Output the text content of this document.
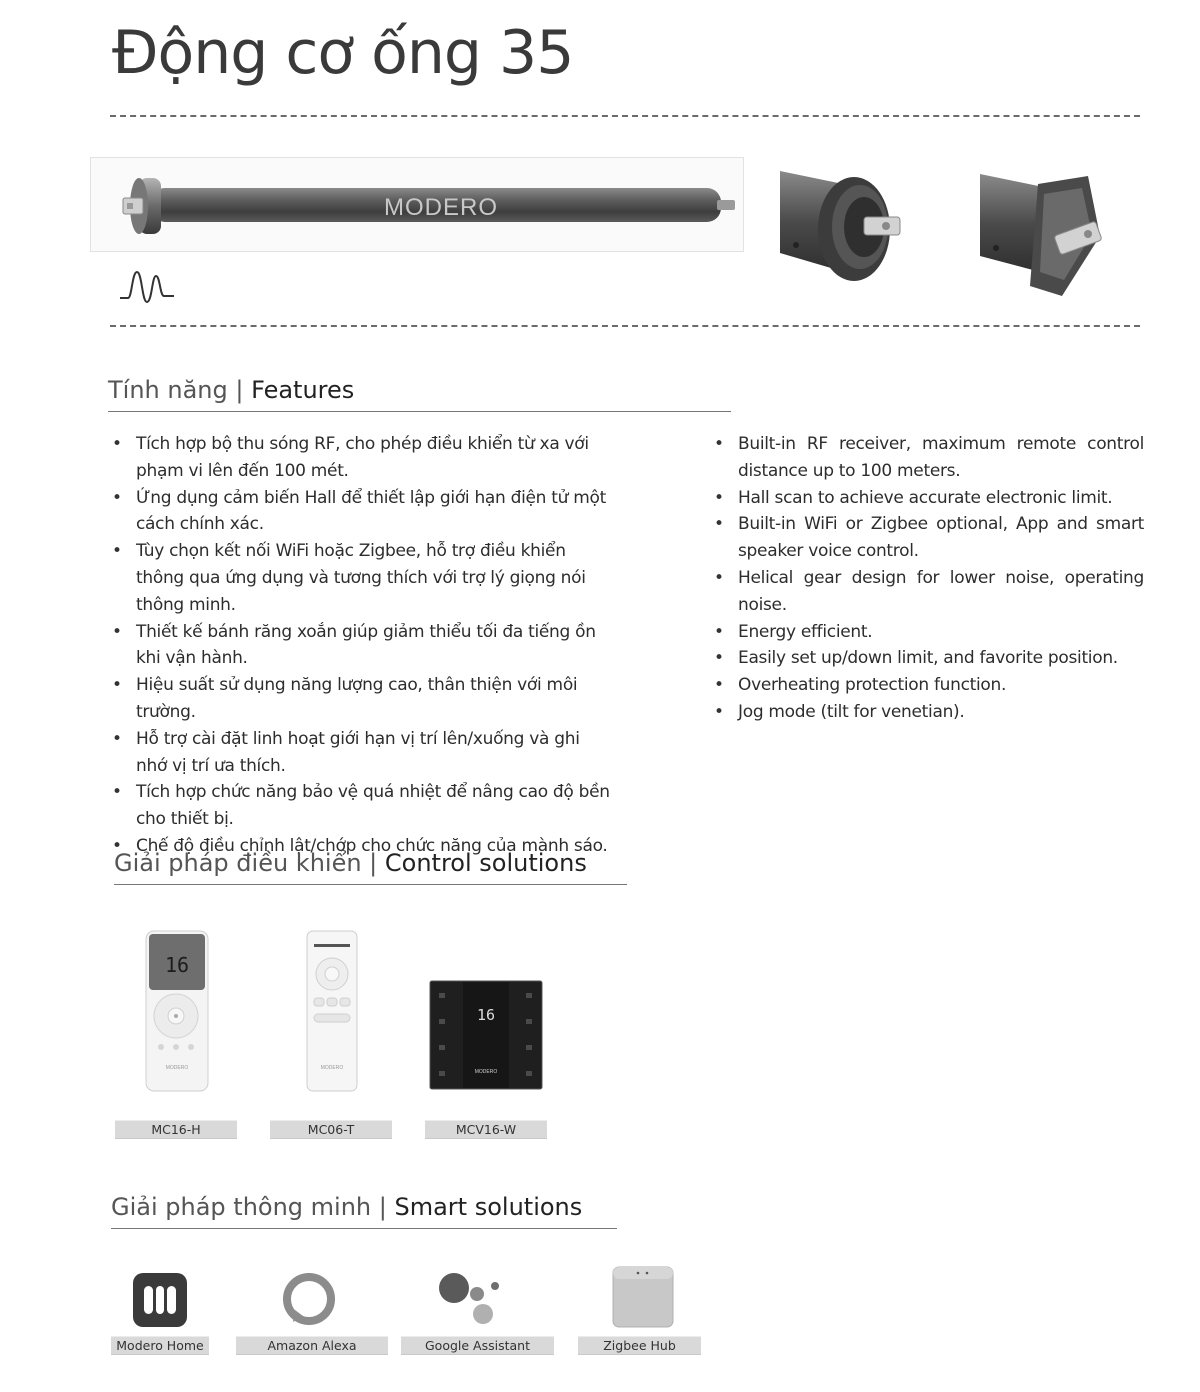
Động cơ ống 35
MODERO
Tính năng | Features
• Tích hợp bộ thu sóng RF, cho phép điều khiển từ xa với phạm vi lên đến 100 mét.
• Ứng dụng cảm biến Hall để thiết lập giới hạn điện tử một cách chính xác.
• Tùy chọn kết nối WiFi hoặc Zigbee, hỗ trợ điều khiển thông qua ứng dụng và tương thích với trợ lý giọng nói thông minh.
• Thiết kế bánh răng xoắn giúp giảm thiểu tối đa tiếng ồn khi vận hành.
• Hiệu suất sử dụng năng lượng cao, thân thiện với môi trường.
• Hỗ trợ cài đặt linh hoạt giới hạn vị trí lên/xuống và ghi nhớ vị trí ưa thích.
• Tích hợp chức năng bảo vệ quá nhiệt để nâng cao độ bền cho thiết bị.
• Chế độ điều chỉnh lật/chớp cho chức năng của mành sáo.
• Built-in RF receiver, maximum remote control distance up to 100 meters.
• Hall scan to achieve accurate electronic limit.
• Built-in WiFi or Zigbee optional, App and smart speaker voice control.
• Helical gear design for lower noise, operating noise.
• Energy efficient.
• Easily set up/down limit, and favorite position.
• Overheating protection function.
• Jog mode (tilt for venetian).
Giải pháp điều khiển | Control solutions
16
MODERO
MC16-H
MODERO
MC06-T
16
MODERO
MCV16-W
Giải pháp thông minh | Smart solutions
Modero Home	Amazon Alexa	Google Assistant	Zigbee Hub
